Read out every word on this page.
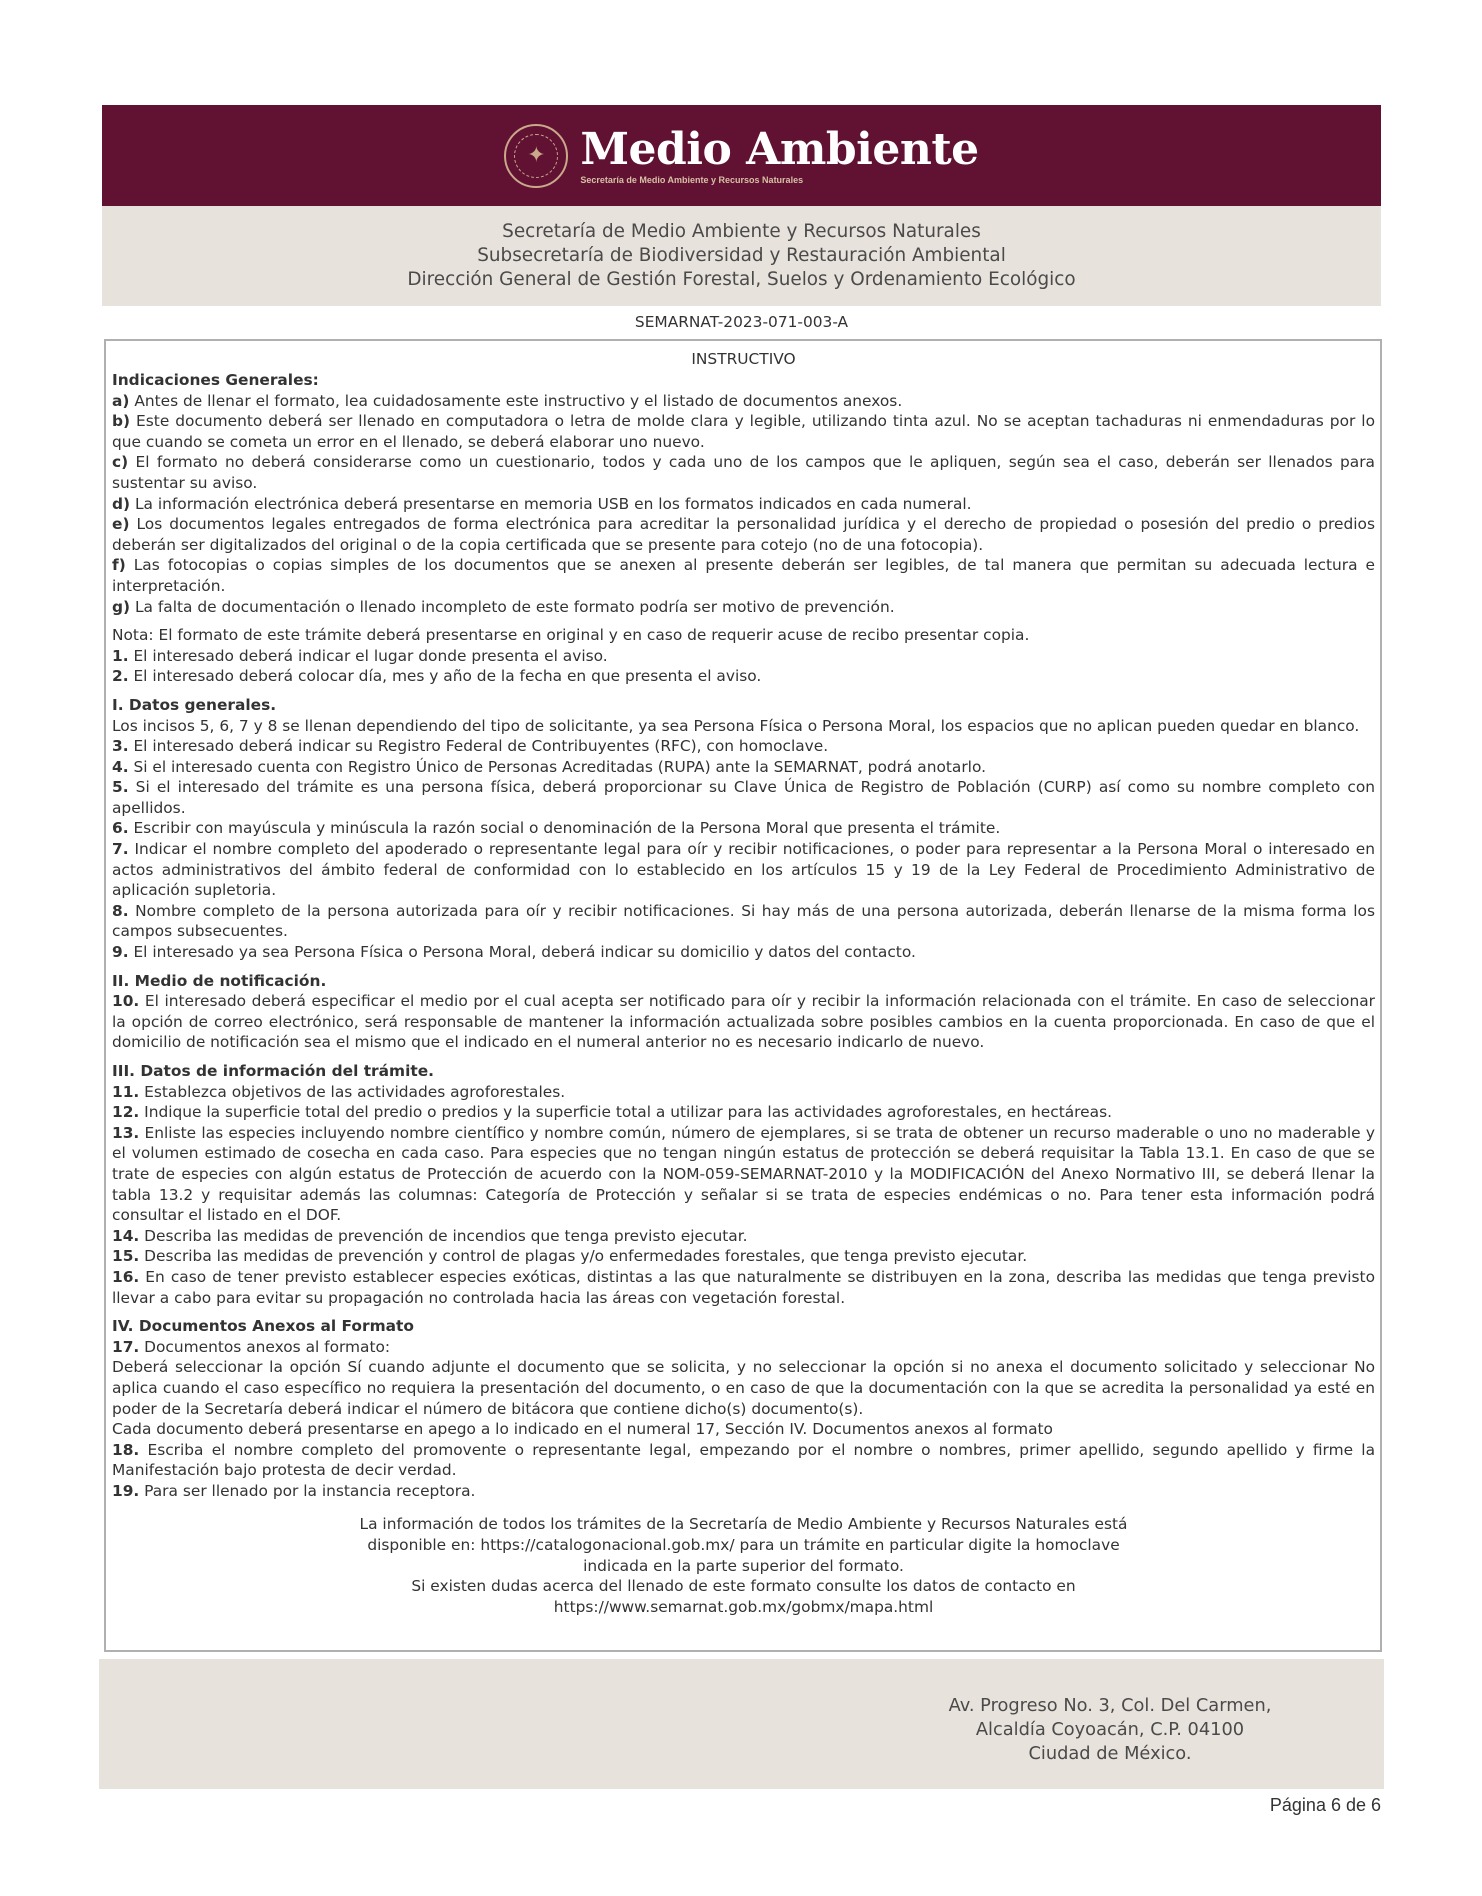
✦ Medio Ambiente
Secretaría de Medio Ambiente y Recursos Naturales
Secretaría de Medio Ambiente y Recursos Naturales
Subsecretaría de Biodiversidad y Restauración Ambiental
Dirección General de Gestión Forestal, Suelos y Ordenamiento Ecológico
SEMARNAT-2023-071-003-A
INSTRUCTIVO

Indicaciones Generales:

a) Antes de llenar el formato, lea cuidadosamente este instructivo y el listado de documentos anexos.

b) Este documento deberá ser llenado en computadora o letra de molde clara y legible, utilizando tinta azul. No se aceptan tachaduras ni enmendaduras por lo que cuando se cometa un error en el llenado, se deberá elaborar uno nuevo.

c) El formato no deberá considerarse como un cuestionario, todos y cada uno de los campos que le apliquen, según sea el caso, deberán ser llenados para sustentar su aviso.

d) La información electrónica deberá presentarse en memoria USB en los formatos indicados en cada numeral.

e) Los documentos legales entregados de forma electrónica para acreditar la personalidad jurídica y el derecho de propiedad o posesión del predio o predios deberán ser digitalizados del original o de la copia certificada que se presente para cotejo (no de una fotocopia).

f) Las fotocopias o copias simples de los documentos que se anexen al presente deberán ser legibles, de tal manera que permitan su adecuada lectura e interpretación.

g) La falta de documentación o llenado incompleto de este formato podría ser motivo de prevención.

Nota: El formato de este trámite deberá presentarse en original y en caso de requerir acuse de recibo presentar copia.

1. El interesado deberá indicar el lugar donde presenta el aviso.

2. El interesado deberá colocar día, mes y año de la fecha en que presenta el aviso.

I. Datos generales.

Los incisos 5, 6, 7 y 8 se llenan dependiendo del tipo de solicitante, ya sea Persona Física o Persona Moral, los espacios que no aplican pueden quedar en blanco.

3. El interesado deberá indicar su Registro Federal de Contribuyentes (RFC), con homoclave.

4. Si el interesado cuenta con Registro Único de Personas Acreditadas (RUPA) ante la SEMARNAT, podrá anotarlo.

5. Si el interesado del trámite es una persona física, deberá proporcionar su Clave Única de Registro de Población (CURP) así como su nombre completo con apellidos.

6. Escribir con mayúscula y minúscula la razón social o denominación de la Persona Moral que presenta el trámite.

7. Indicar el nombre completo del apoderado o representante legal para oír y recibir notificaciones, o poder para representar a la Persona Moral o interesado en actos administrativos del ámbito federal de conformidad con lo establecido en los artículos 15 y 19 de la Ley Federal de Procedimiento Administrativo de aplicación supletoria.

8. Nombre completo de la persona autorizada para oír y recibir notificaciones. Si hay más de una persona autorizada, deberán llenarse de la misma forma los campos subsecuentes.

9. El interesado ya sea Persona Física o Persona Moral, deberá indicar su domicilio y datos del contacto.

II. Medio de notificación.

10. El interesado deberá especificar el medio por el cual acepta ser notificado para oír y recibir la información relacionada con el trámite. En caso de seleccionar la opción de correo electrónico, será responsable de mantener la información actualizada sobre posibles cambios en la cuenta proporcionada. En caso de que el domicilio de notificación sea el mismo que el indicado en el numeral anterior no es necesario indicarlo de nuevo.

III. Datos de información del trámite.

11. Establezca objetivos de las actividades agroforestales.

12. Indique la superficie total del predio o predios y la superficie total a utilizar para las actividades agroforestales, en hectáreas.

13. Enliste las especies incluyendo nombre científico y nombre común, número de ejemplares, si se trata de obtener un recurso maderable o uno no maderable y el volumen estimado de cosecha en cada caso. Para especies que no tengan ningún estatus de protección se deberá requisitar la Tabla 13.1. En caso de que se trate de especies con algún estatus de Protección de acuerdo con la NOM-059-SEMARNAT-2010 y la MODIFICACIÓN del Anexo Normativo III, se deberá llenar la tabla 13.2 y requisitar además las columnas: Categoría de Protección y señalar si se trata de especies endémicas o no. Para tener esta información podrá consultar el listado en el DOF.

14. Describa las medidas de prevención de incendios que tenga previsto ejecutar.

15. Describa las medidas de prevención y control de plagas y/o enfermedades forestales, que tenga previsto ejecutar.

16. En caso de tener previsto establecer especies exóticas, distintas a las que naturalmente se distribuyen en la zona, describa las medidas que tenga previsto llevar a cabo para evitar su propagación no controlada hacia las áreas con vegetación forestal.

IV. Documentos Anexos al Formato

17. Documentos anexos al formato:

Deberá seleccionar la opción Sí cuando adjunte el documento que se solicita, y no seleccionar la opción si no anexa el documento solicitado y seleccionar No aplica cuando el caso específico no requiera la presentación del documento, o en caso de que la documentación con la que se acredita la personalidad ya esté en poder de la Secretaría deberá indicar el número de bitácora que contiene dicho(s) documento(s).

Cada documento deberá presentarse en apego a lo indicado en el numeral 17, Sección IV. Documentos anexos al formato

18. Escriba el nombre completo del promovente o representante legal, empezando por el nombre o nombres, primer apellido, segundo apellido y firme la Manifestación bajo protesta de decir verdad.

19. Para ser llenado por la instancia receptora.

La información de todos los trámites de la Secretaría de Medio Ambiente y Recursos Naturales está
disponible en: https://catalogonacional.gob.mx/ para un trámite en particular digite la homoclave
indicada en la parte superior del formato.
Si existen dudas acerca del llenado de este formato consulte los datos de contacto en
https://www.semarnat.gob.mx/gobmx/mapa.html
Av. Progreso No. 3, Col. Del Carmen,
Alcaldía Coyoacán, C.P. 04100
Ciudad de México.
Página 6 de 6
